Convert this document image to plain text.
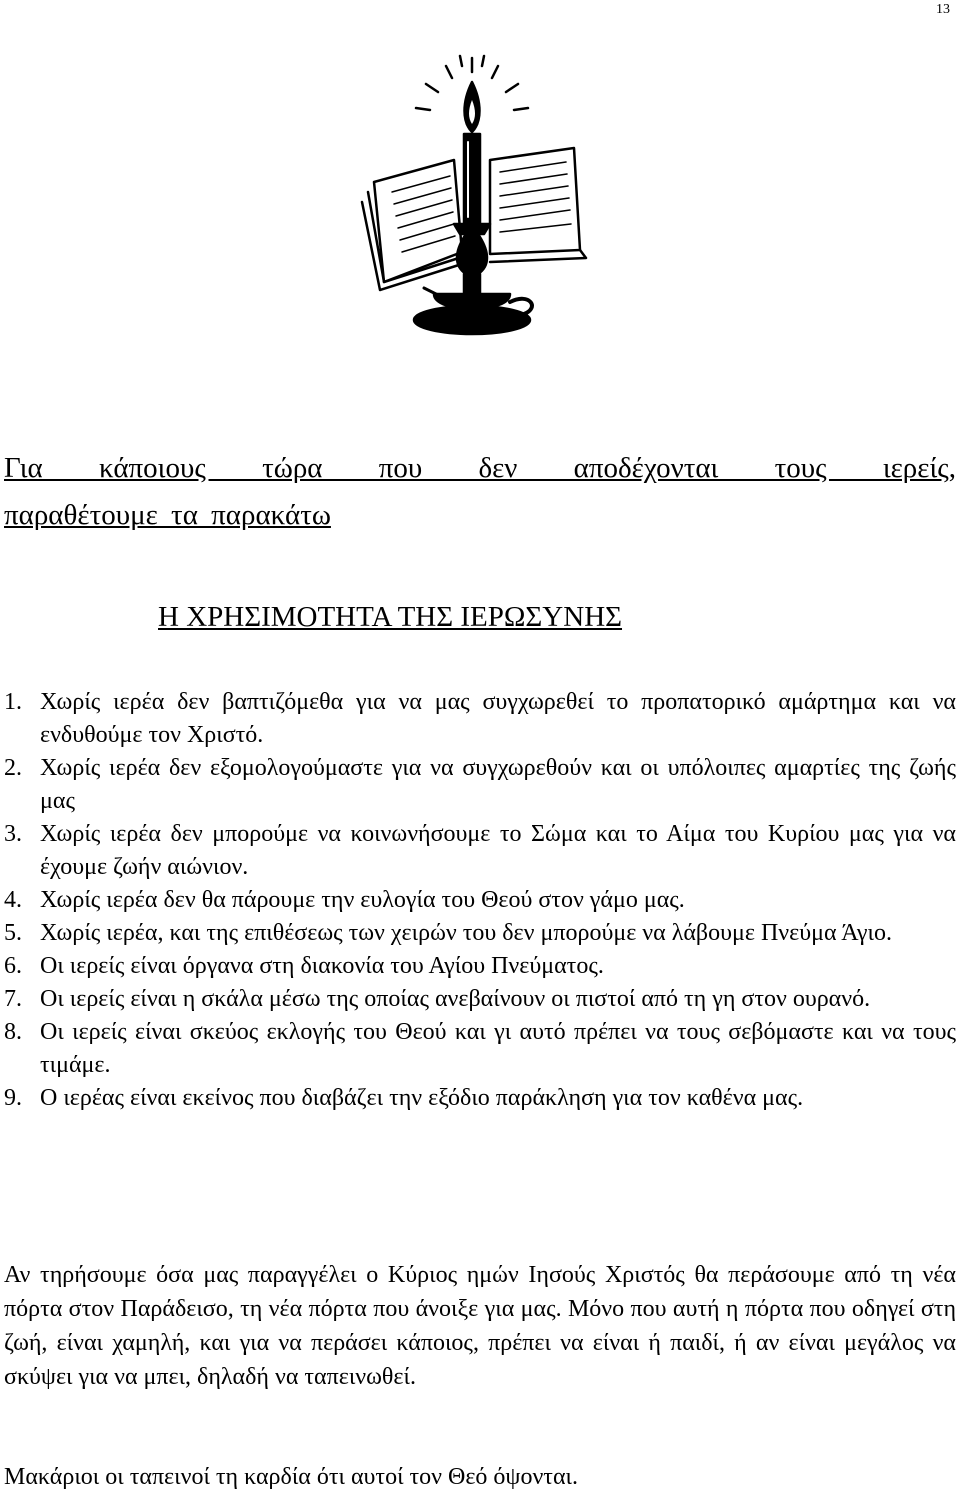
13
Για κάποιους τώρα που δεν αποδέχονται τους ιερείς,
παραθέτουμε τα παρακάτω
Η ΧΡΗΣΙΜΟΤΗΤΑ ΤΗΣ ΙΕΡΩΣΥΝΗΣ
1. Χωρίς ιερέα δεν βαπτιζόμεθα για να μας συγχωρεθεί το προπατορικό αμάρτημα και να ενδυθούμε τον Χριστό.
2. Χωρίς ιερέα δεν εξομολογούμαστε για να συγχωρεθούν και οι υπόλοιπες αμαρτίες της ζωής μας
3. Χωρίς ιερέα δεν μπορούμε να κοινωνήσουμε το Σώμα και το Αίμα του Κυρίου μας για να έχουμε ζωήν αιώνιον.
4. Χωρίς ιερέα δεν θα πάρουμε την ευλογία του Θεού στον γάμο μας.
5. Χωρίς ιερέα, και της επιθέσεως των χειρών του δεν μπορούμε να λάβουμε Πνεύμα Άγιο.
6. Οι ιερείς είναι όργανα στη διακονία του Αγίου Πνεύματος.
7. Οι ιερείς είναι η σκάλα μέσω της οποίας ανεβαίνουν οι πιστοί από τη γη στον ουρανό.
8. Οι ιερείς είναι σκεύος εκλογής του Θεού και γι αυτό πρέπει να τους σεβόμαστε και να τους τιμάμε.
9. Ο ιερέας είναι εκείνος που διαβάζει την εξόδιο παράκληση για τον καθένα μας.

Αν τηρήσουμε όσα μας παραγγέλει ο Κύριος ημών Ιησούς Χριστός θα περάσουμε από τη νέα πόρτα στον Παράδεισο, τη νέα πόρτα που άνοιξε για μας. Μόνο που αυτή η πόρτα που οδηγεί στη ζωή, είναι χαμηλή, και για να περάσει κάποιος, πρέπει να είναι ή παιδί, ή αν είναι μεγάλος να σκύψει για να μπει, δηλαδή να ταπεινωθεί.

Μακάριοι οι ταπεινοί τη καρδία ότι αυτοί τον Θεό όψονται.
